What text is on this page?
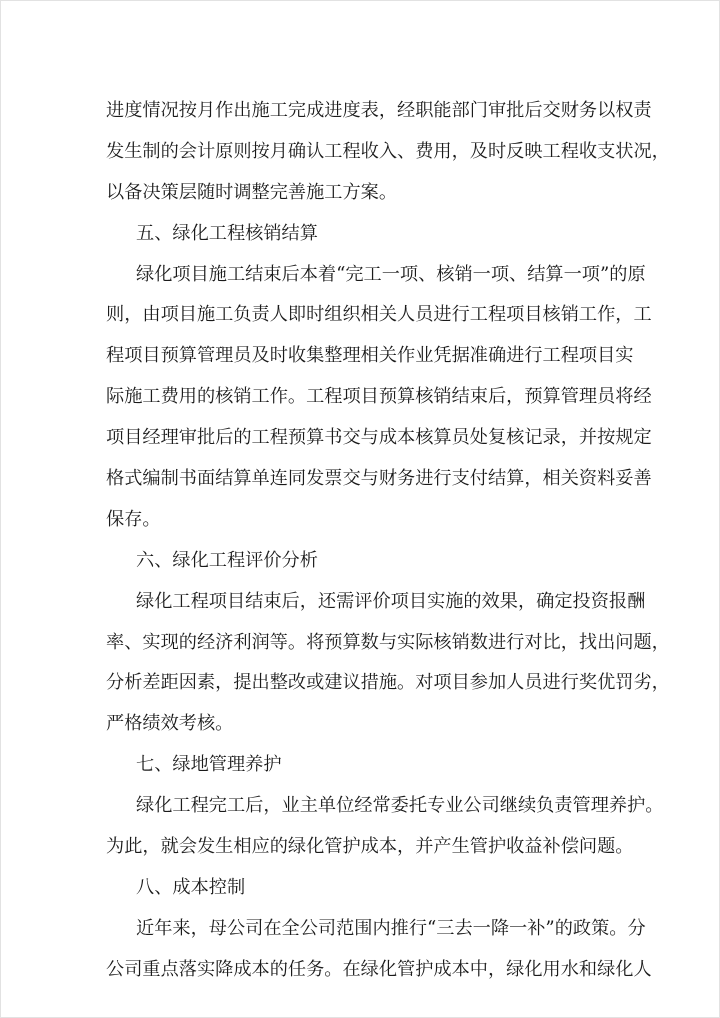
进度情况按月作出施工完成进度表，经职能部门审批后交财务以权责
发生制的会计原则按月确认工程收入、费用，及时反映工程收支状况，
以备决策层随时调整完善施工方案。
五、绿化工程核销结算
绿化项目施工结束后本着“完工一项、核销一项、结算一项”的原
则，由项目施工负责人即时组织相关人员进行工程项目核销工作，工
程项目预算管理员及时收集整理相关作业凭据准确进行工程项目实
际施工费用的核销工作。工程项目预算核销结束后，预算管理员将经
项目经理审批后的工程预算书交与成本核算员处复核记录，并按规定
格式编制书面结算单连同发票交与财务进行支付结算，相关资料妥善
保存。
六、绿化工程评价分析
绿化工程项目结束后，还需评价项目实施的效果，确定投资报酬
率、实现的经济利润等。将预算数与实际核销数进行对比，找出问题，
分析差距因素，提出整改或建议措施。对项目参加人员进行奖优罚劣，
严格绩效考核。
七、绿地管理养护
绿化工程完工后，业主单位经常委托专业公司继续负责管理养护。
为此，就会发生相应的绿化管护成本，并产生管护收益补偿问题。
八、成本控制
近年来，母公司在全公司范围内推行“三去一降一补”的政策。分
公司重点落实降成本的任务。在绿化管护成本中，绿化用水和绿化人
